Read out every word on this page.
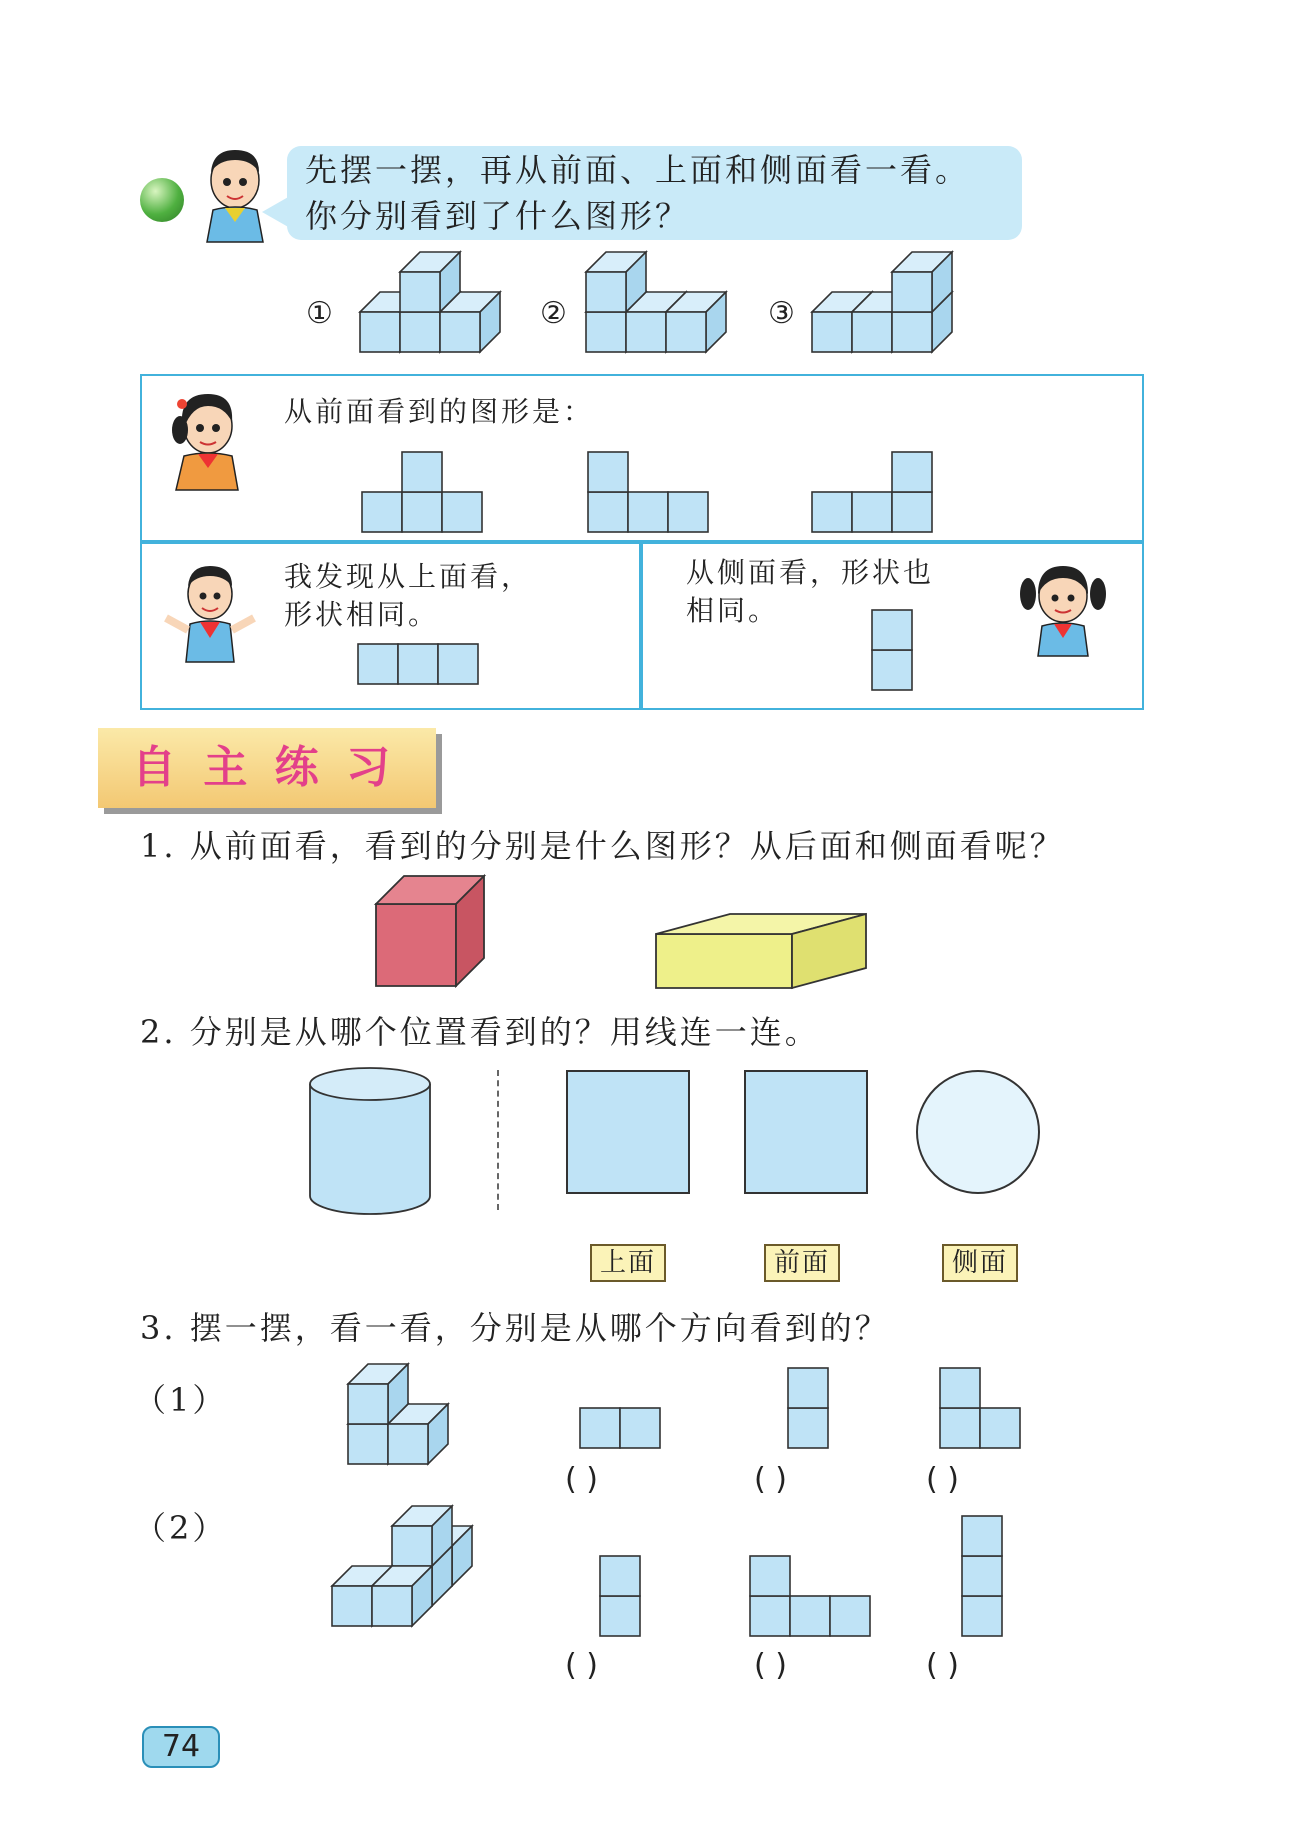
先摆一摆，再从前面、上面和侧面看一看。
你分别看到了什么图形？
①	②	③
从前面看到的图形是：
我发现从上面看，
形状相同。
从侧面看，形状也
相同。
自 主 练 习
1. 从前面看，看到的分别是什么图形？从后面和侧面看呢？
2. 分别是从哪个位置看到的？用线连一连。
上面	前面	侧面
3. 摆一摆，看一看，分别是从哪个方向看到的？
（1）
（2）
( )	( )	( )
( )	( )	( )
74
